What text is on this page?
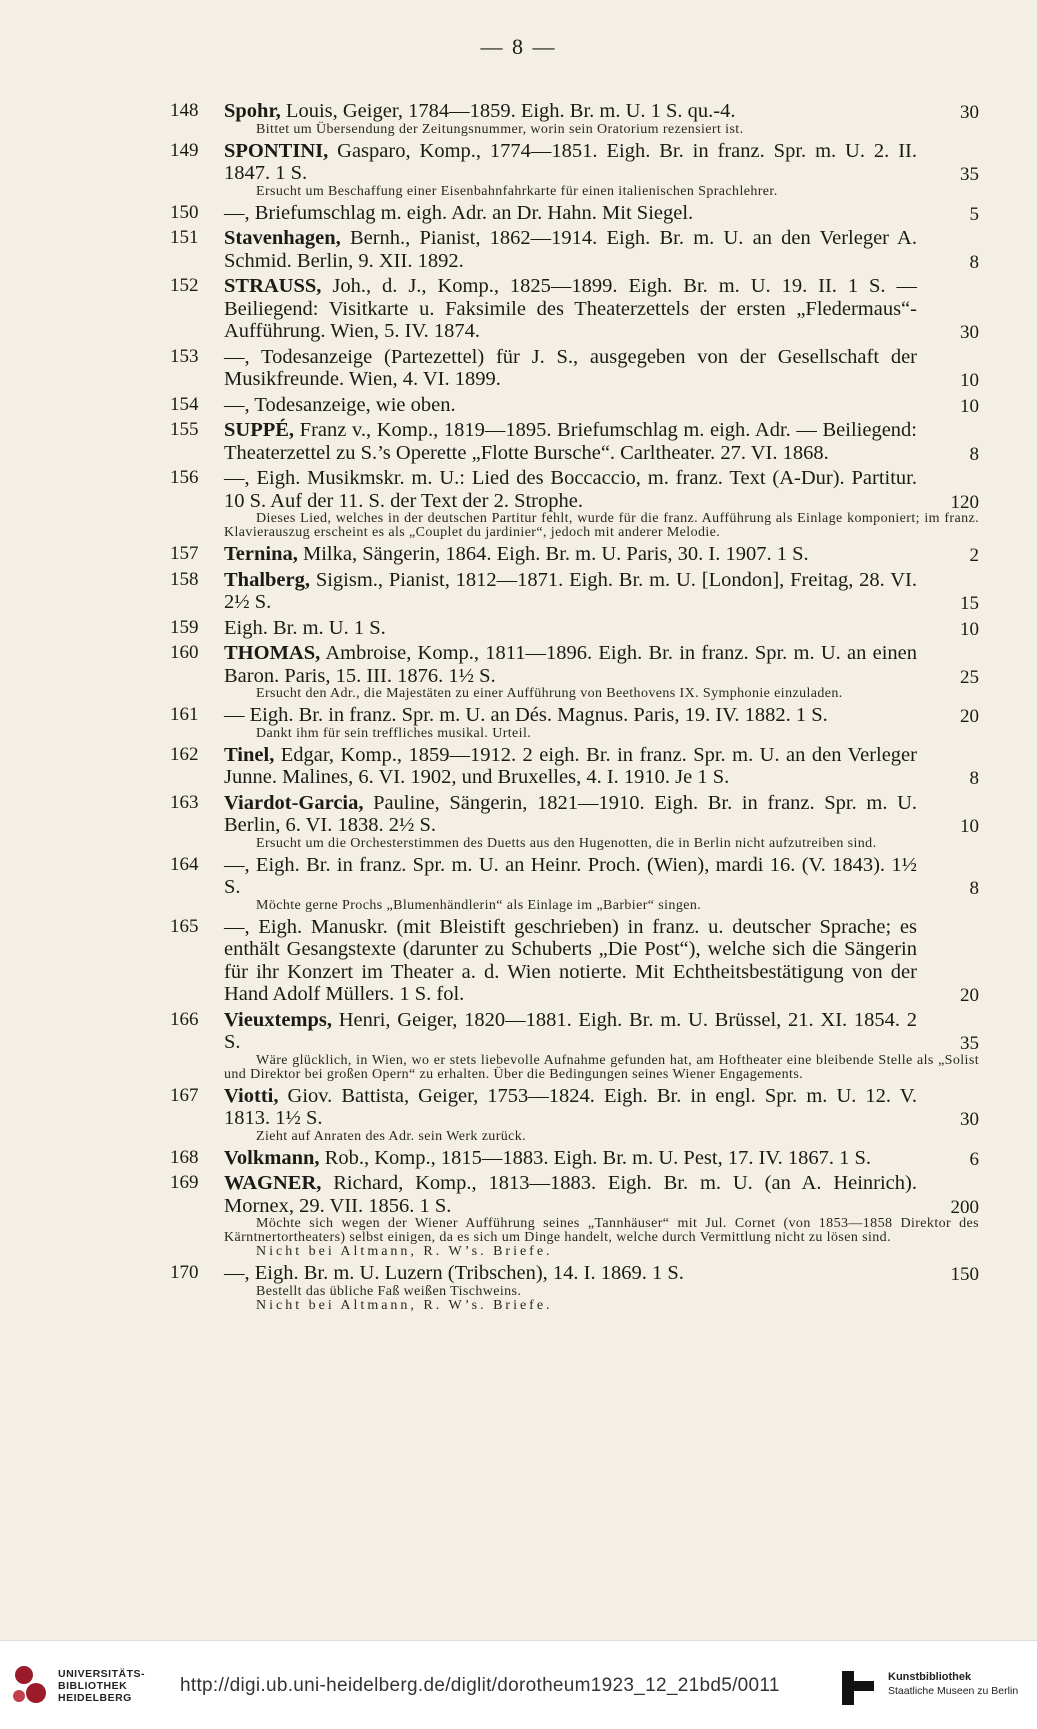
— 8 —
148	Spohr, Louis, Geiger, 1784—1859. Eigh. Br. m. U. 1 S. qu.-4.	30
Bittet um Übersendung der Zeitungsnummer, worin sein Oratorium rezensiert ist.
149	SPONTINI, Gasparo, Komp., 1774—1851. Eigh. Br. in franz. Spr. m. U. 2. II. 1847. 1 S.	35
Ersucht um Beschaffung einer Eisenbahnfahrkarte für einen italienischen Sprachlehrer.
150	—, Briefumschlag m. eigh. Adr. an Dr. Hahn. Mit Siegel.	5
151	Stavenhagen, Bernh., Pianist, 1862—1914. Eigh. Br. m. U. an den Verleger A. Schmid. Berlin, 9. XII. 1892.	8
152	STRAUSS, Joh., d. J., Komp., 1825—1899. Eigh. Br. m. U. 19. II. 1 S. — Beiliegend: Visitkarte u. Faksimile des Theaterzettels der ersten „Fledermaus“-Aufführung. Wien, 5. IV. 1874.	30
153	—, Todesanzeige (Partezettel) für J. S., ausgegeben von der Gesellschaft der Musikfreunde. Wien, 4. VI. 1899.	10
154	—, Todesanzeige, wie oben.	10
155	SUPPÉ, Franz v., Komp., 1819—1895. Briefumschlag m. eigh. Adr. — Beiliegend: Theaterzettel zu S.’s Operette „Flotte Bursche“. Carltheater. 27. VI. 1868.	8
156	—, Eigh. Musikmskr. m. U.: Lied des Boccaccio, m. franz. Text (A-Dur). Partitur. 10 S. Auf der 11. S. der Text der 2. Strophe.	120
Dieses Lied, welches in der deutschen Partitur fehlt, wurde für die franz. Aufführung als Einlage komponiert; im franz. Klavierauszug erscheint es als „Couplet du jardinier“, jedoch mit anderer Melodie.
157	Ternina, Milka, Sängerin, 1864. Eigh. Br. m. U. Paris, 30. I. 1907. 1 S.	2
158	Thalberg, Sigism., Pianist, 1812—1871. Eigh. Br. m. U. [London], Freitag, 28. VI. 2½ S.	15
159	Eigh. Br. m. U. 1 S.	10
160	THOMAS, Ambroise, Komp., 1811—1896. Eigh. Br. in franz. Spr. m. U. an einen Baron. Paris, 15. III. 1876. 1½ S.	25
Ersucht den Adr., die Majestäten zu einer Aufführung von Beethovens IX. Symphonie einzuladen.
161	— Eigh. Br. in franz. Spr. m. U. an Dés. Magnus. Paris, 19. IV. 1882. 1 S.	20
Dankt ihm für sein treffliches musikal. Urteil.
162	Tinel, Edgar, Komp., 1859—1912. 2 eigh. Br. in franz. Spr. m. U. an den Verleger Junne. Malines, 6. VI. 1902, und Bruxelles, 4. I. 1910. Je 1 S.	8
163	Viardot-Garcia, Pauline, Sängerin, 1821—1910. Eigh. Br. in franz. Spr. m. U. Berlin, 6. VI. 1838. 2½ S.	10
Ersucht um die Orchesterstimmen des Duetts aus den Hugenotten, die in Berlin nicht aufzutreiben sind.
164	—, Eigh. Br. in franz. Spr. m. U. an Heinr. Proch. (Wien), mardi 16. (V. 1843). 1½ S.	8
Möchte gerne Prochs „Blumenhändlerin“ als Einlage im „Barbier“ singen.
165	—, Eigh. Manuskr. (mit Bleistift geschrieben) in franz. u. deutscher Sprache; es enthält Gesangstexte (darunter zu Schuberts „Die Post“), welche sich die Sängerin für ihr Konzert im Theater a. d. Wien notierte. Mit Echtheitsbestätigung von der Hand Adolf Müllers. 1 S. fol.	20
166	Vieuxtemps, Henri, Geiger, 1820—1881. Eigh. Br. m. U. Brüssel, 21. XI. 1854. 2 S.	35
Wäre glücklich, in Wien, wo er stets liebevolle Aufnahme gefunden hat, am Hoftheater eine bleibende Stelle als „Solist und Direktor bei großen Opern“ zu erhalten. Über die Bedingungen seines Wiener Engagements.
167	Viotti, Giov. Battista, Geiger, 1753—1824. Eigh. Br. in engl. Spr. m. U. 12. V. 1813. 1½ S.	30
Zieht auf Anraten des Adr. sein Werk zurück.
168	Volkmann, Rob., Komp., 1815—1883. Eigh. Br. m. U. Pest, 17. IV. 1867. 1 S.	6
169	WAGNER, Richard, Komp., 1813—1883. Eigh. Br. m. U. (an A. Heinrich). Mornex, 29. VII. 1856. 1 S.	200
Möchte sich wegen der Wiener Aufführung seines „Tannhäuser“ mit Jul. Cornet (von 1853—1858 Direktor des Kärntnertortheaters) selbst einigen, da es sich um Dinge handelt, welche durch Vermittlung nicht zu lösen sind.
Nicht bei Altmann, R. W’s. Briefe.
170	—, Eigh. Br. m. U. Luzern (Tribschen), 14. I. 1869. 1 S.	150
Bestellt das übliche Faß weißen Tischweins.
Nicht bei Altmann, R. W’s. Briefe.
UNIVERSITÄTS-
BIBLIOTHEK
HEIDELBERG
http://digi.ub.uni-heidelberg.de/diglit/dorotheum1923_12_21bd5/0011	Kunstbibliothek
Staatliche Museen zu Berlin
